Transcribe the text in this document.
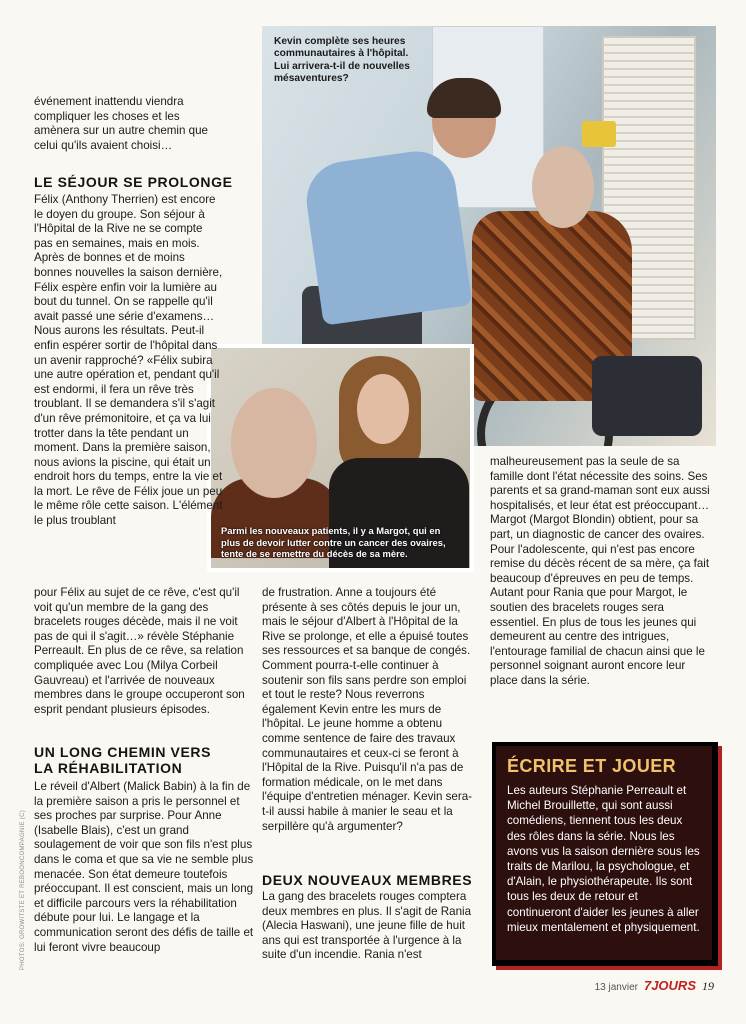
Kevin complète ses heures communautaires à l'hôpital. Lui arrivera-t-il de nouvelles mésaventures?

Parmi les nouveaux patients, il y a Margot, qui en plus de devoir lutter contre un cancer des ovaires, tente de se remettre du décès de sa mère.

événement inattendu viendra compliquer les choses et les amènera sur un autre chemin que celui qu'ils avaient choisi…

LE SÉJOUR SE PROLONGE

Félix (Anthony Therrien) est encore le doyen du groupe. Son séjour à l'Hôpital de la Rive ne se compte pas en semaines, mais en mois. Après de bonnes et de moins bonnes nouvelles la saison dernière, Félix espère enfin voir la lumière au bout du tunnel. On se rappelle qu'il avait passé une série d'examens… Nous aurons les résultats. Peut-il enfin espérer sortir de l'hôpital dans un avenir rapproché? «Félix subira une autre opération et, pendant qu'il est endormi, il fera un rêve très troublant. Il se demandera s'il s'agit d'un rêve prémonitoire, et ça va lui trotter dans la tête pendant un moment. Dans la première saison, nous avions la piscine, qui était un endroit hors du temps, entre la vie et la mort. Le rêve de Félix joue un peu le même rôle cette saison. L'élément le plus troublant

pour Félix au sujet de ce rêve, c'est qu'il voit qu'un membre de la gang des bracelets rouges décède, mais il ne voit pas de qui il s'agit…» révèle Stéphanie Perreault. En plus de ce rêve, sa relation compliquée avec Lou (Milya Corbeil Gauvreau) et l'arrivée de nouveaux membres dans le groupe occuperont son esprit pendant plusieurs épisodes.

UN LONG CHEMIN VERS
LA RÉHABILITATION

Le réveil d'Albert (Malick Babin) à la fin de la première saison a pris le personnel et ses proches par surprise. Pour Anne (Isabelle Blais), c'est un grand soulagement de voir que son fils n'est plus dans le coma et que sa vie ne semble plus menacée. Son état demeure toutefois préoccupant. Il est conscient, mais un long et difficile parcours vers la réhabilitation débute pour lui. Le langage et la communication seront des défis de taille et lui feront vivre beaucoup

de frustration. Anne a toujours été présente à ses côtés depuis le jour un, mais le séjour d'Albert à l'Hôpital de la Rive se prolonge, et elle a épuisé toutes ses ressources et sa banque de congés. Comment pourra-t-elle continuer à soutenir son fils sans perdre son emploi et tout le reste? Nous reverrons également Kevin entre les murs de l'hôpital. Le jeune homme a obtenu comme sentence de faire des travaux communautaires et ceux-ci se feront à l'Hôpital de la Rive. Puisqu'il n'a pas de formation médicale, on le met dans l'équipe d'entretien ménager. Kevin sera-t-il aussi habile à manier le seau et la serpillère qu'à argumenter?

DEUX NOUVEAUX MEMBRES

La gang des bracelets rouges comptera deux membres en plus. Il s'agit de Rania (Alecia Haswani), une jeune fille de huit ans qui est transportée à l'urgence à la suite d'un incendie. Rania n'est

malheureusement pas la seule de sa famille dont l'état nécessite des soins. Ses parents et sa grand-maman sont eux aussi hospitalisés, et leur état est préoccupant… Margot (Margot Blondin) obtient, pour sa part, un diagnostic de cancer des ovaires. Pour l'adolescente, qui n'est pas encore remise du décès récent de sa mère, ça fait beaucoup d'épreuves en peu de temps. Autant pour Rania que pour Margot, le soutien des bracelets rouges sera essentiel. En plus de tous les jeunes qui demeurent au centre des intrigues, l'entourage familial de chacun ainsi que le personnel soignant auront encore leur place dans la série.

ÉCRIRE ET JOUER

Les auteurs Stéphanie Perreault et Michel Brouillette, qui sont aussi comédiens, tiennent tous les deux des rôles dans la série. Nous les avons vus la saison dernière sous les traits de Marilou, la psychologue, et d'Alain, le physiothérapeute. Ils sont tous les deux de retour et continueront d'aider les jeunes à aller mieux mentalement et physiquement.

PHOTOS: GROWITSTE ET REBOONCOMPAGNIE (C)
13 janvier 7JOURS 19
